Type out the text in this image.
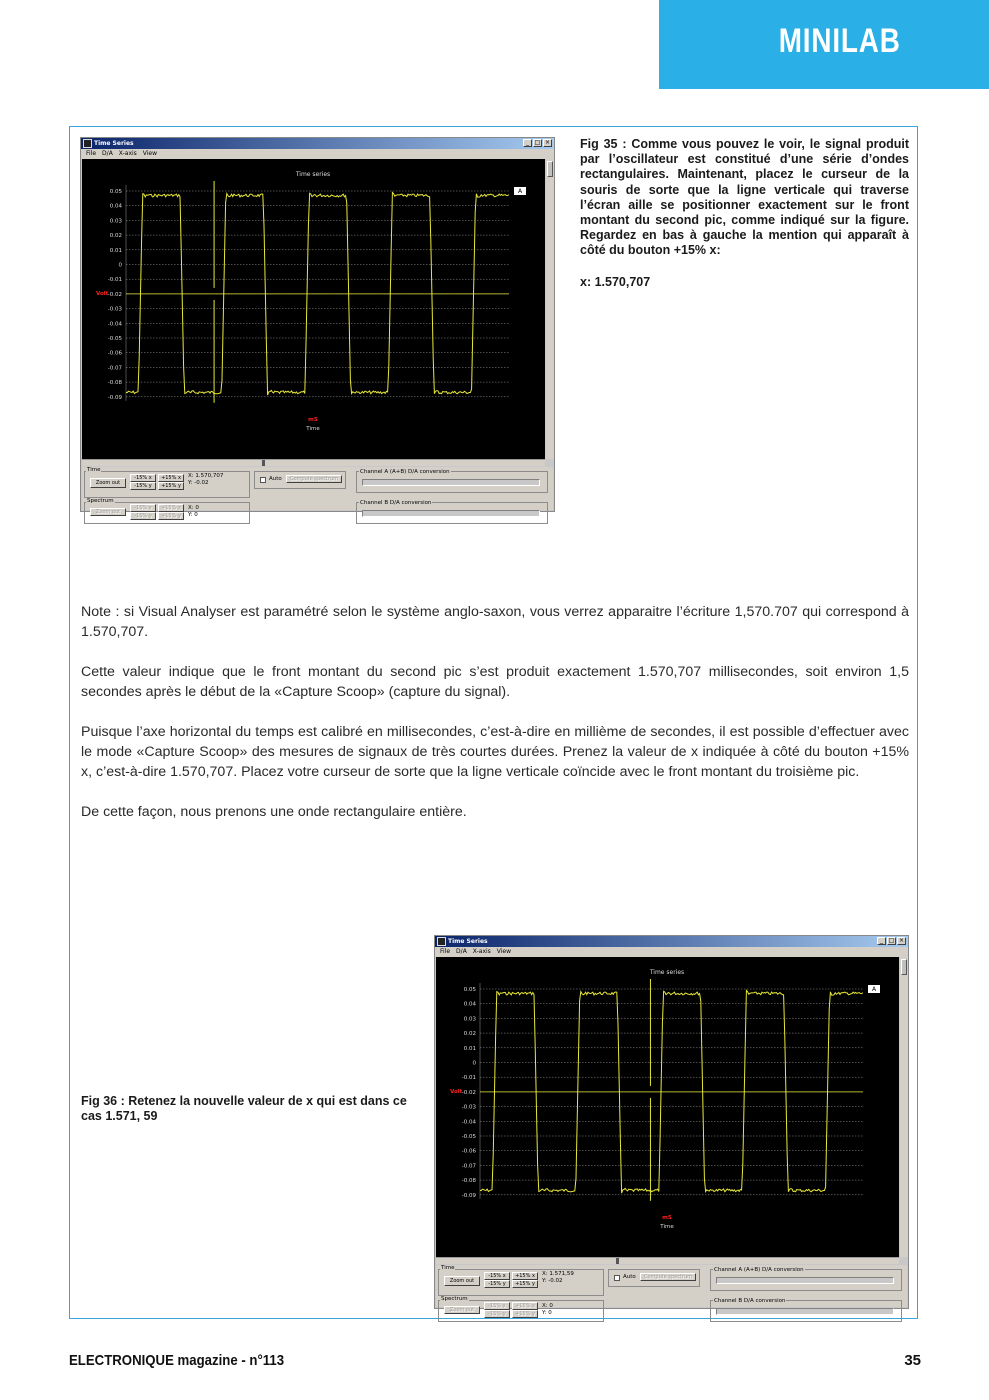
MINILAB
Time Series	_ □ ×
File D/A X-axis View
Time series
0.05
0.04
0.03
0.02
0.01
0
-0.01
-0.02
-0.03
-0.04
-0.05
-0.06
-0.07
-0.08
-0.09
Volt
mS
Time
A
Time
Zoom out
-15% x	+15% x
-15% y	+15% y
X: 1.570,707
Y: -0.02
Auto	Compute spectrum
Spectrum
Zoom out
-15% x	+15% x
-15% y	+15% y
X: 0
Y: 0
Channel A (A+B) D/A conversion
Channel B D/A conversion

Fig 35 : Comme vous pouvez le voir, le signal produit par l’oscillateur est constitué d’une série d’ondes rectangulaires. Maintenant, placez le curseur de la souris de sorte que la ligne verticale qui traverse l’écran aille se positionner exactement sur le front montant du second pic, comme indiqué sur la figure. Regardez en bas à gauche la mention qui apparaît à côté du bouton +15% x:

x: 1.570,707

Note : si Visual Analyser est paramétré selon le système anglo-saxon, vous verrez apparaitre l’écriture 1,570.707 qui correspond à 1.570,707.

Cette valeur indique que le front montant du second pic s’est produit exactement 1.570,707 millisecondes, soit environ 1,5 secondes après le début de la «Capture Scoop» (capture du signal).

Puisque l’axe horizontal du temps est calibré en millisecondes, c’est-à-dire en millième de secondes, il est possible d’effectuer avec le mode «Capture Scoop» des mesures de signaux de très courtes durées. Prenez la valeur de x indiquée à côté du bouton +15% x, c’est-à-dire 1.570,707. Placez votre curseur de sorte que la ligne verticale coïncide avec le front montant du troisième pic.

De cette façon, nous prenons une onde rectangulaire entière.

Fig 36 : Retenez la nouvelle valeur de x qui est dans ce cas 1.571, 59
Time Series	_ □ ×
File D/A X-axis View
Time series
0.05
0.04
0.03
0.02
0.01
0
-0.01
-0.02
-0.03
-0.04
-0.05
-0.06
-0.07
-0.08
-0.09
Volt
mS
Time
A
Time
Zoom out
-15% x	+15% x
-15% y	+15% y
X: 1.571,59
Y: -0.02
Auto	Compute spectrum
Spectrum
Zoom out
-15% x	+15% x
-15% y	+15% y
X: 0
Y: 0
Channel A (A+B) D/A conversion
Channel B D/A conversion
ELECTRONIQUE magazine - n°113	35
